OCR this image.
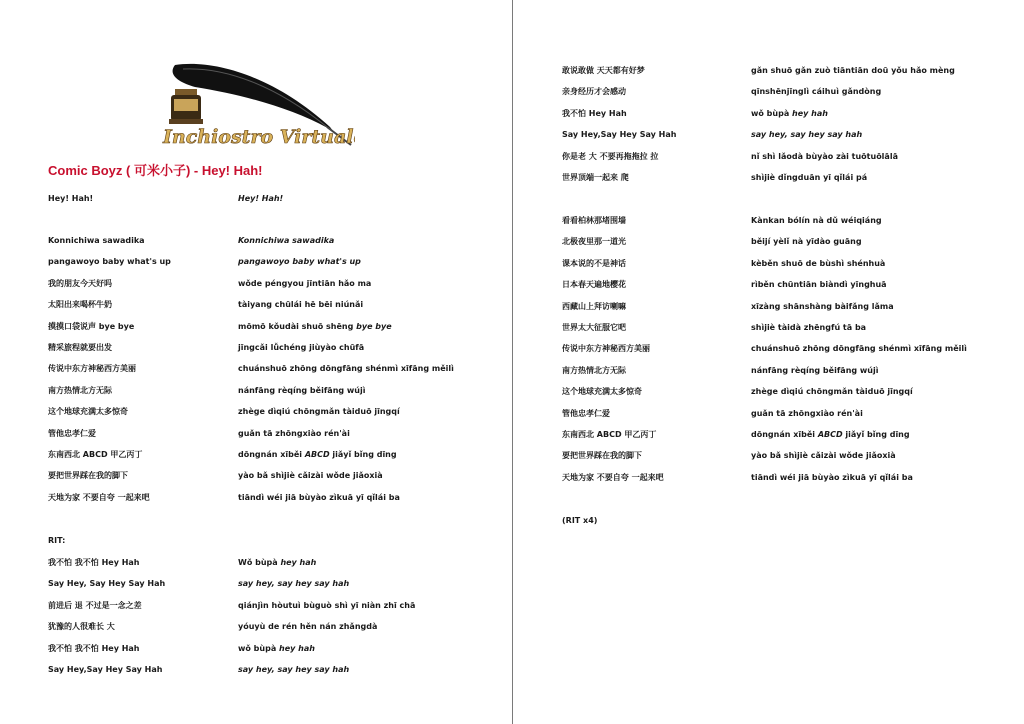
Inchiostro Virtuale
Comic Boyz ( 可米小子) - Hey! Hah!
Hey! Hah!	Hey! Hah!
Konnichiwa sawadika	Konnichiwa sawadika
pangawoyo baby what's up	pangawoyo baby what's up
我的朋友今天好吗	wǒde péngyou jīntiān hǎo ma
太阳出来喝杯牛奶	tàiyang chūlái hē bēi niúnǎi
摸摸口袋说声 bye bye	mōmō kǒudài shuō shēng bye bye
精采旅程就要出发	jīngcǎi lǚchéng jiùyào chūfā
传说中东方神秘西方美丽	chuánshuō zhōng dōngfāng shénmì xīfāng měilì
南方热情北方无际	nánfāng rèqíng běifāng wújì
这个地球充满太多惊奇	zhège dìqiú chōngmǎn tàiduō jīngqí
管他忠孝仁爱	guǎn tā zhōngxiào rén'ài
东南西北 ABCD 甲乙丙丁	dōngnán xīběi ABCD jiǎyǐ bǐng dīng
要把世界踩在我的脚下	yào bǎ shìjiè cǎizài wǒde jiǎoxià
天地为家 不要自夸 一起来吧	tiāndì wéi jiā bùyào zìkuā yī qǐlái ba
RIT:
我不怕 我不怕 Hey Hah	Wǒ bùpà hey hah
Say Hey, Say Hey Say Hah	say hey, say hey say hah
前进后 退 不过是一念之差	qiánjìn hòutuì bùguò shì yī niàn zhī chā
犹豫的人很难长 大	yóuyù de rén hěn nán zhǎngdà
我不怕 我不怕 Hey Hah	wǒ bùpà hey hah
Say Hey,Say Hey Say Hah	say hey, say hey say hah
敢说敢做 天天都有好梦	gǎn shuō gǎn zuò tiāntiān doū yǒu hǎo mèng
亲身经历才会感动	qīnshēnjīnglì cáihuì gǎndòng
我不怕 Hey Hah	wǒ bùpà hey hah
Say Hey,Say Hey Say Hah	say hey, say hey say hah
你是老 大 不要再拖拖拉 拉	nǐ shì lǎodà bùyào zài tuōtuōlālā
世界顶端一起来 爬	shìjiè dǐngduān yī qǐlái pá
看看柏林那堵围墙	Kànkan bólín nà dǔ wéiqiáng
北极夜里那一道光	běijí yèlǐ nà yīdào guāng
课本说的不是神话	kèběn shuō de bùshì shénhuà
日本春天遍地樱花	rìběn chūntiān biàndì yīnghuā
西藏山上拜访喇嘛	xīzàng shānshàng bàifǎng lǎma
世界太大征服它吧	shìjiè tàidà zhēngfú tā ba
传说中东方神秘西方美丽	chuánshuō zhōng dōngfāng shénmì xīfāng měilì
南方热情北方无际	nánfāng rèqíng běifāng wújì
这个地球充满太多惊奇	zhège dìqiú chōngmǎn tàiduō jīngqí
管他忠孝仁爱	guǎn tā zhōngxiào rén'ài
东南西北 ABCD 甲乙丙丁	dōngnán xīběi ABCD jiǎyǐ bǐng dīng
要把世界踩在我的脚下	yào bǎ shìjiè cǎizài wǒde jiǎoxià
天地为家 不要自夸 一起来吧	tiāndì wéi jiā bùyào zìkuā yī qǐlái ba
(RIT x4)
